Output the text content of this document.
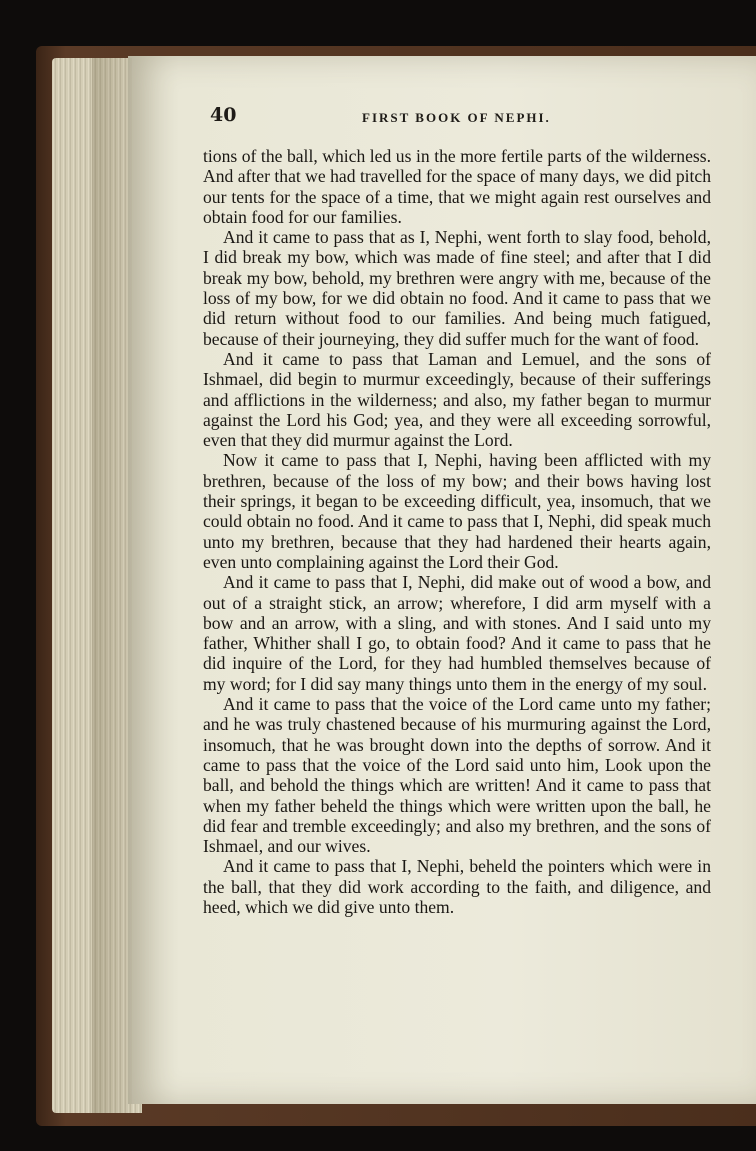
40	FIRST BOOK OF NEPHI.

tions of the ball, which led us in the more fertile parts of the wilderness. And after that we had travelled for the space of many days, we did pitch our tents for the space of a time, that we might again rest ourselves and obtain food for our families.

And it came to pass that as I, Nephi, went forth to slay food, behold, I did break my bow, which was made of fine steel; and after that I did break my bow, behold, my brethren were angry with me, because of the loss of my bow, for we did obtain no food. And it came to pass that we did return without food to our families. And being much fatigued, because of their journeying, they did suffer much for the want of food.

And it came to pass that Laman and Lemuel, and the sons of Ishmael, did begin to murmur exceedingly, because of their sufferings and afflictions in the wilderness; and also, my father began to murmur against the Lord his God; yea, and they were all exceeding sorrowful, even that they did murmur against the Lord.

Now it came to pass that I, Nephi, having been afflicted with my brethren, because of the loss of my bow; and their bows having lost their springs, it began to be exceeding difficult, yea, insomuch, that we could obtain no food. And it came to pass that I, Nephi, did speak much unto my brethren, because that they had hardened their hearts again, even unto complaining against the Lord their God.

And it came to pass that I, Nephi, did make out of wood a bow, and out of a straight stick, an arrow; wherefore, I did arm myself with a bow and an arrow, with a sling, and with stones. And I said unto my father, Whither shall I go, to obtain food? And it came to pass that he did inquire of the Lord, for they had humbled themselves because of my word; for I did say many things unto them in the energy of my soul.

And it came to pass that the voice of the Lord came unto my father; and he was truly chastened because of his murmuring against the Lord, insomuch, that he was brought down into the depths of sorrow. And it came to pass that the voice of the Lord said unto him, Look upon the ball, and behold the things which are written! And it came to pass that when my father beheld the things which were written upon the ball, he did fear and tremble exceedingly; and also my brethren, and the sons of Ishmael, and our wives.

And it came to pass that I, Nephi, beheld the pointers which were in the ball, that they did work according to the faith, and diligence, and heed, which we did give unto them.
